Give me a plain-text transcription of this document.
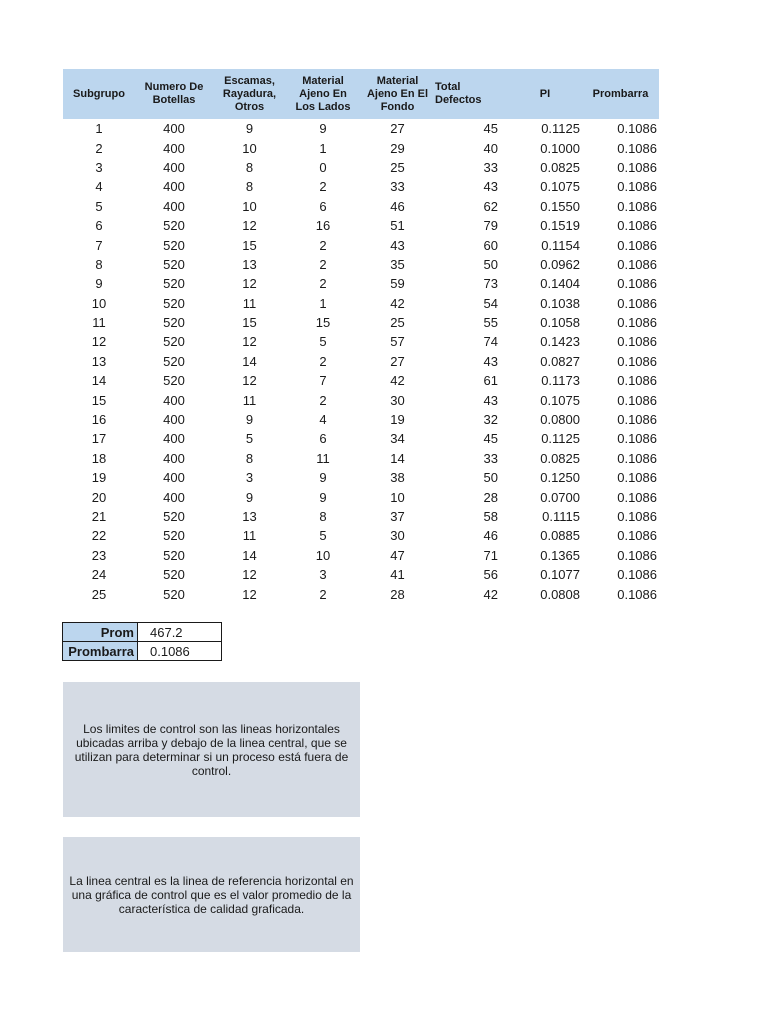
Subgrupo	Numero De Botellas	Escamas, Rayadura, Otros	Material Ajeno En Los Lados	Material Ajeno En El Fondo	Total Defectos	PI	Prombarra
1	400	9	9	27	45	0.1125	0.1086
2	400	10	1	29	40	0.1000	0.1086
3	400	8	0	25	33	0.0825	0.1086
4	400	8	2	33	43	0.1075	0.1086
5	400	10	6	46	62	0.1550	0.1086
6	520	12	16	51	79	0.1519	0.1086
7	520	15	2	43	60	0.1154	0.1086
8	520	13	2	35	50	0.0962	0.1086
9	520	12	2	59	73	0.1404	0.1086
10	520	11	1	42	54	0.1038	0.1086
11	520	15	15	25	55	0.1058	0.1086
12	520	12	5	57	74	0.1423	0.1086
13	520	14	2	27	43	0.0827	0.1086
14	520	12	7	42	61	0.1173	0.1086
15	400	11	2	30	43	0.1075	0.1086
16	400	9	4	19	32	0.0800	0.1086
17	400	5	6	34	45	0.1125	0.1086
18	400	8	11	14	33	0.0825	0.1086
19	400	3	9	38	50	0.1250	0.1086
20	400	9	9	10	28	0.0700	0.1086
21	520	13	8	37	58	0.1115	0.1086
22	520	11	5	30	46	0.0885	0.1086
23	520	14	10	47	71	0.1365	0.1086
24	520	12	3	41	56	0.1077	0.1086
25	520	12	2	28	42	0.0808	0.1086
Prom	467.2
Prombarra	0.1086
Los limites de control son las lineas horizontales ubicadas arriba y debajo de la linea central, que se utilizan para determinar si un proceso está fuera de control.
La linea central es la linea de referencia horizontal en una gráfica de control que es el valor promedio de la característica de calidad graficada.
